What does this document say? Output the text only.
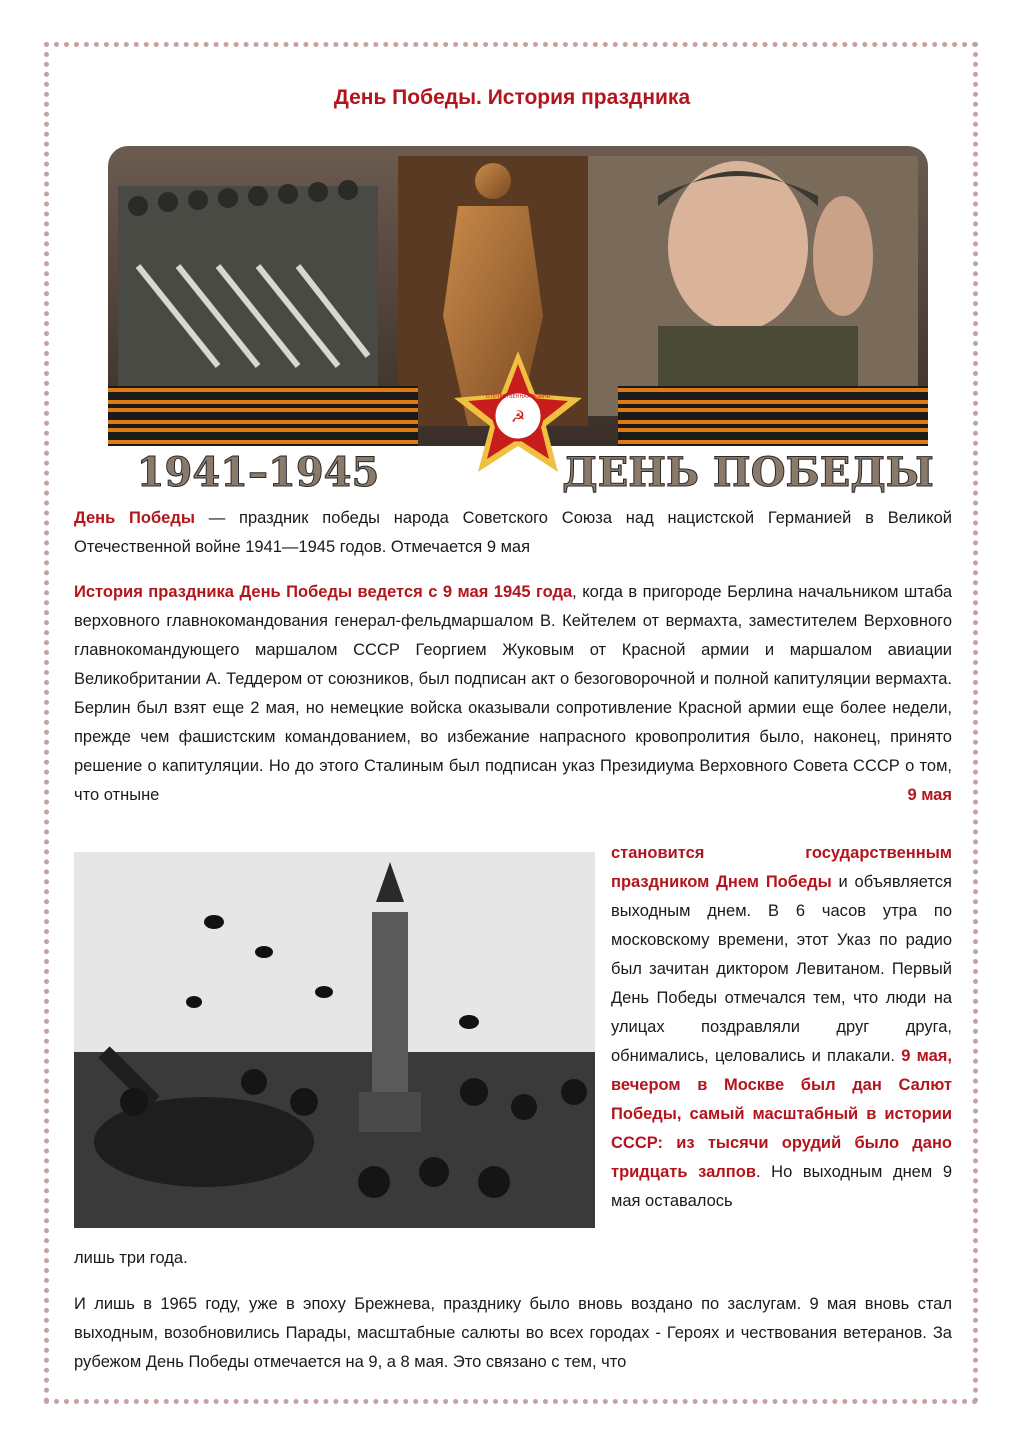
День Победы. История праздника
☭
ОТЕЧЕСТВЕННАЯ ВОЙНА
1941–1945	ДЕНЬ ПОБЕДЫ
День Победы — праздник победы народа Советского Союза над нацистской Германией в Великой Отечественной войне 1941—1945 годов. Отмечается 9 мая
История праздника День Победы ведется с 9 мая 1945 года, когда в пригороде Берлина начальником штаба верховного главнокомандования генерал-фельдмаршалом В. Кейтелем от вермахта, заместителем Верховного главнокомандующего маршалом СССР Георгием Жуковым от Красной армии и маршалом авиации Великобритании А. Теддером от союзников, был подписан акт о безоговорочной и полной капитуляции вермахта. Берлин был взят еще 2 мая, но немецкие войска оказывали сопротивление Красной армии еще более недели, прежде чем фашистским командованием, во избежание напрасного кровопролития было, наконец, принято решение о капитуляции. Но до этого Сталиным был подписан указ Президиума Верховного Совета СССР о том, что отныне	9 мая
становится государственным праздником Днем Победы и объявляется выходным днем. В 6 часов утра по московскому времени, этот Указ по радио был зачитан диктором Левитаном. Первый День Победы отмечался тем, что люди на улицах поздравляли друг друга, обнимались, целовались и плакали. 9 мая, вечером в Москве был дан Салют Победы, самый масштабный в истории СССР: из тысячи орудий было дано тридцать залпов. Но выходным днем 9 мая оставалось
лишь три года.
И лишь в 1965 году, уже в эпоху Брежнева, празднику было вновь воздано по заслугам. 9 мая вновь стал выходным, возобновились Парады, масштабные салюты во всех городах - Героях и чествования ветеранов. За рубежом День Победы отмечается на 9, а 8 мая. Это связано с тем, что
